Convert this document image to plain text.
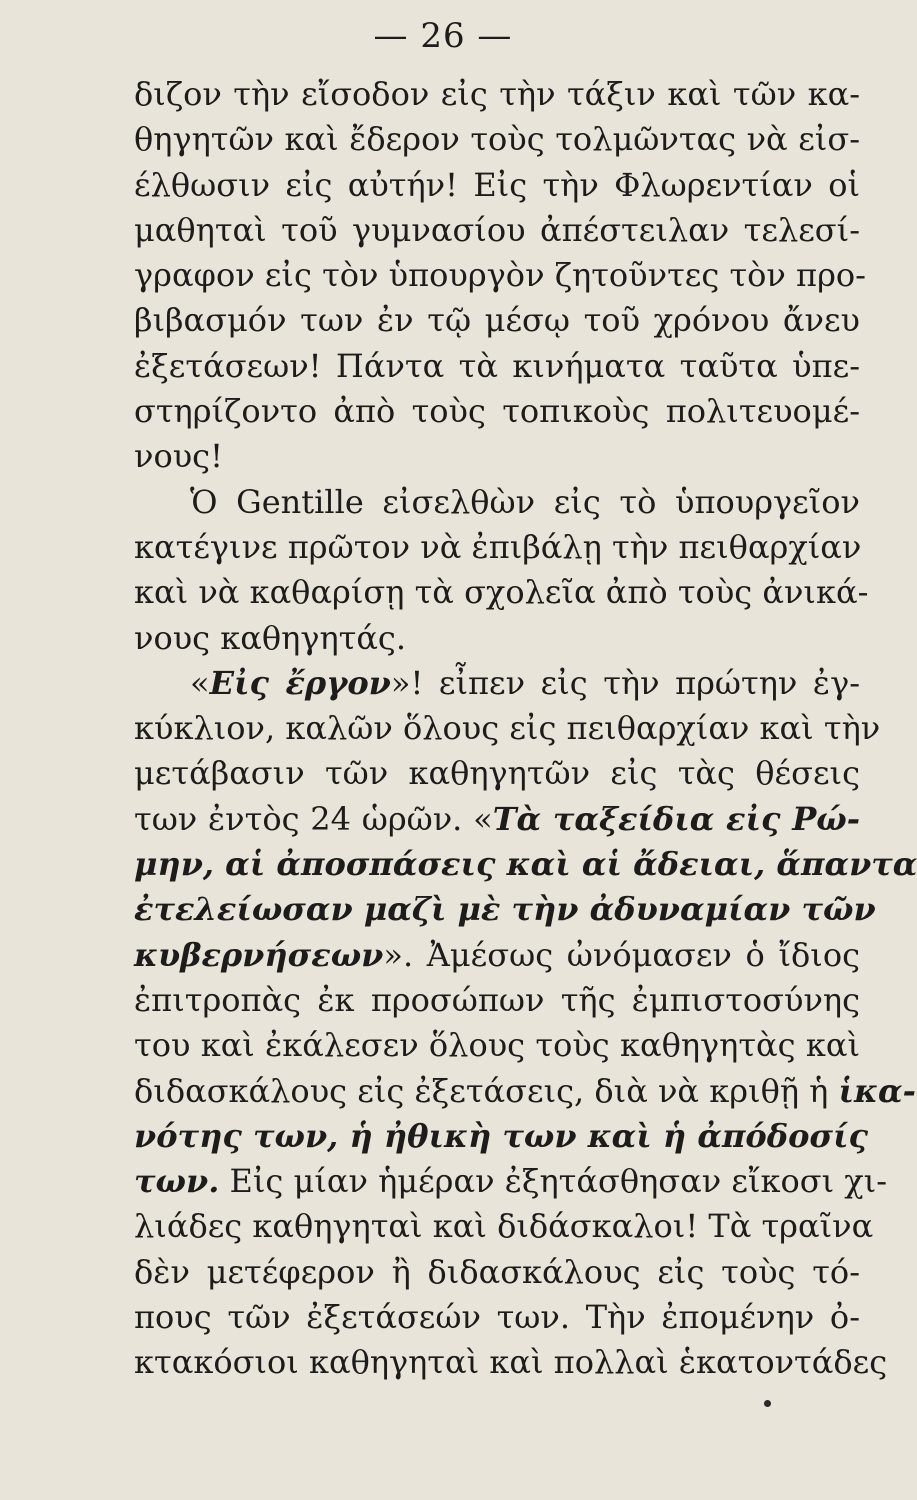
— 26 —
διζον τὴν εἴσοδον εἰς τὴν τάξιν καὶ τῶν κα-
θηγητῶν καὶ ἔδερον τοὺς τολμῶντας νὰ εἰσ-
έλθωσιν εἰς αὐτήν! Εἰς τὴν Φλωρεντίαν οἱ
μαθηταὶ τοῦ γυμνασίου ἀπέστειλαν τελεσί-
γραφον εἰς τὸν ὑπουργὸν ζητοῦντες τὸν προ-
βιβασμόν των ἐν τῷ μέσῳ τοῦ χρόνου ἄνευ
ἐξετάσεων! Πάντα τὰ κινήματα ταῦτα ὑπε-
στηρίζοντο ἀπὸ τοὺς τοπικοὺς πολιτευομέ-
νους!
Ὁ Gentille εἰσελθὼν εἰς τὸ ὑπουργεῖον
κατέγινε πρῶτον νὰ ἐπιβάλῃ τὴν πειθαρχίαν
καὶ νὰ καθαρίσῃ τὰ σχολεῖα ἀπὸ τοὺς ἀνικά-
νους καθηγητάς.
«Εἰς ἔργον»! εἶπεν εἰς τὴν πρώτην ἐγ-
κύκλιον, καλῶν ὅλους εἰς πειθαρχίαν καὶ τὴν
μετάβασιν τῶν καθηγητῶν εἰς τὰς θέσεις
των ἐντὸς 24 ὡρῶν. «Τὰ ταξείδια εἰς Ρώ-
μην, αἱ ἀποσπάσεις καὶ αἱ ἄδειαι, ἅπαντα
ἐτελείωσαν μαζὶ μὲ τὴν ἀδυναμίαν τῶν
κυβερνήσεων». Ἀμέσως ὠνόμασεν ὁ ἴδιος
ἐπιτροπὰς ἐκ προσώπων τῆς ἐμπιστοσύνης
του καὶ ἐκάλεσεν ὅλους τοὺς καθηγητὰς καὶ
διδασκάλους εἰς ἐξετάσεις, διὰ νὰ κριθῇ ἡ ἱκα-
νότης των, ἡ ἠθικὴ των καὶ ἡ ἀπόδοσίς
των. Εἰς μίαν ἡμέραν ἐξητάσθησαν εἴκοσι χι-
λιάδες καθηγηταὶ καὶ διδάσκαλοι! Τὰ τραῖνα
δὲν μετέφερον ἢ διδασκάλους εἰς τοὺς τό-
πους τῶν ἐξετάσεών των. Τὴν ἐπομένην ὀ-
κτακόσιοι καθηγηταὶ καὶ πολλαὶ ἑκατοντάδες
